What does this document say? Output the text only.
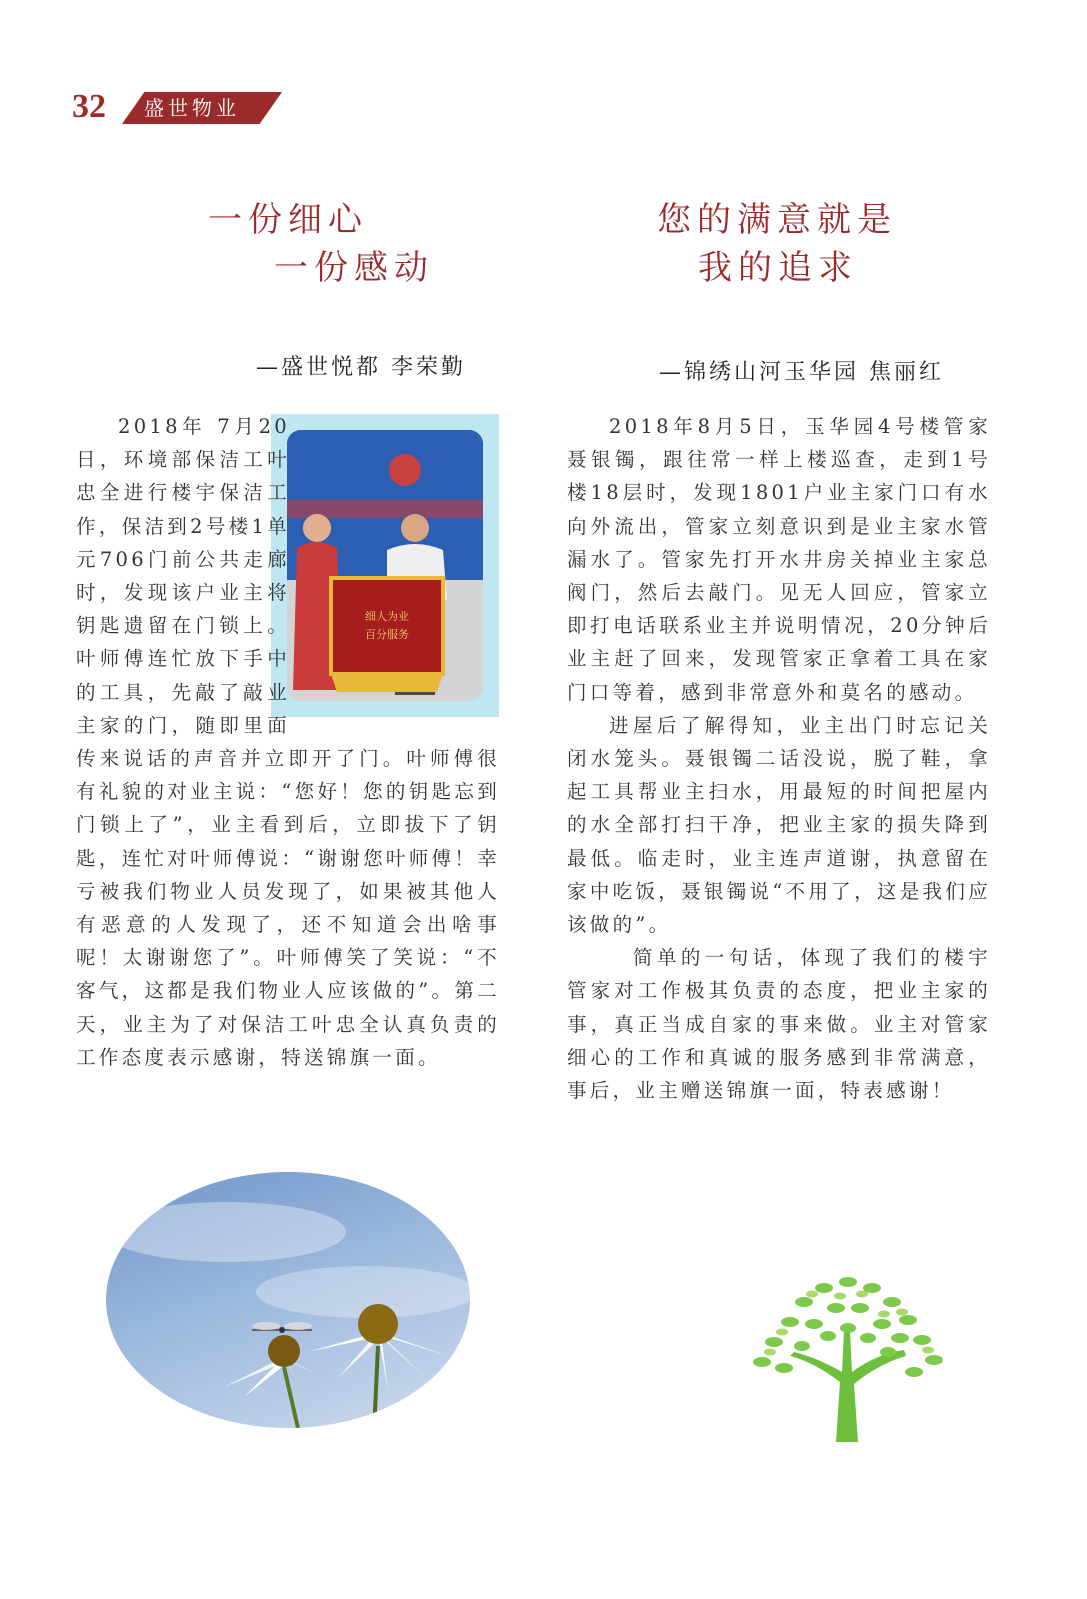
32 盛世物业
一份细心
一份感动
—盛世悦都 李荣勤
您的满意就是
我的追求
—锦绣山河玉华园 焦丽红
细人为业
百分服务

2018年 7月20日，环境部保洁工叶忠全进行楼宇保洁工作，保洁到2号楼1单元706门前公共走廊时，发现该户业主将钥匙遗留在门锁上。叶师傅连忙放下手中的工具，先敲了敲业主家的门，随即里面传来说话的声音并立即开了门。叶师傅很有礼貌的对业主说：“您好！您的钥匙忘到门锁上了”，业主看到后，立即拔下了钥匙，连忙对叶师傅说：“谢谢您叶师傅！幸亏被我们物业人员发现了，如果被其他人有恶意的人发现了，还不知道会出啥事呢！太谢谢您了”。叶师傅笑了笑说：“不客气，这都是我们物业人应该做的”。第二天，业主为了对保洁工叶忠全认真负责的工作态度表示感谢，特送锦旗一面。

2018年8月5日，玉华园4号楼管家聂银镯，跟往常一样上楼巡查，走到1号楼18层时，发现1801户业主家门口有水向外流出，管家立刻意识到是业主家水管漏水了。管家先打开水井房关掉业主家总阀门，然后去敲门。见无人回应，管家立即打电话联系业主并说明情况，20分钟后业主赶了回来，发现管家正拿着工具在家门口等着，感到非常意外和莫名的感动。

进屋后了解得知，业主出门时忘记关闭水笼头。聂银镯二话没说，脱了鞋，拿起工具帮业主扫水，用最短的时间把屋内的水全部打扫干净，把业主家的损失降到最低。临走时，业主连声道谢，执意留在家中吃饭，聂银镯说“不用了，这是我们应该做的”。

简单的一句话，体现了我们的楼宇管家对工作极其负责的态度，把业主家的事，真正当成自家的事来做。业主对管家细心的工作和真诚的服务感到非常满意，事后，业主赠送锦旗一面，特表感谢！
